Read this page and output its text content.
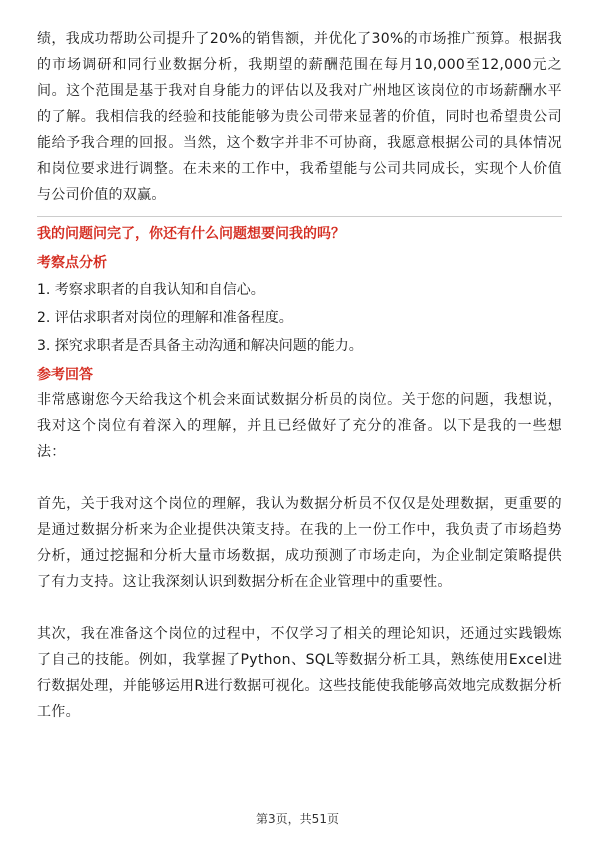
绩，我成功帮助公司提升了20%的销售额，并优化了30%的市场推广预算。根据我的市场调研和同行业数据分析，我期望的薪酬范围在每月10,000至12,000元之间。这个范围是基于我对自身能力的评估以及我对广州地区该岗位的市场薪酬水平的了解。我相信我的经验和技能能够为贵公司带来显著的价值，同时也希望贵公司能给予我合理的回报。当然，这个数字并非不可协商，我愿意根据公司的具体情况和岗位要求进行调整。在未来的工作中，我希望能与公司共同成长，实现个人价值与公司价值的双赢。

我的问题问完了，你还有什么问题想要问我的吗？

考察点分析

1. 考察求职者的自我认知和自信心。

2. 评估求职者对岗位的理解和准备程度。

3. 探究求职者是否具备主动沟通和解决问题的能力。

参考回答

非常感谢您今天给我这个机会来面试数据分析员的岗位。关于您的问题，我想说，我对这个岗位有着深入的理解，并且已经做好了充分的准备。以下是我的一些想法：

首先，关于我对这个岗位的理解，我认为数据分析员不仅仅是处理数据，更重要的是通过数据分析来为企业提供决策支持。在我的上一份工作中，我负责了市场趋势分析，通过挖掘和分析大量市场数据，成功预测了市场走向，为企业制定策略提供了有力支持。这让我深刻认识到数据分析在企业管理中的重要性。

其次，我在准备这个岗位的过程中，不仅学习了相关的理论知识，还通过实践锻炼了自己的技能。例如，我掌握了Python、SQL等数据分析工具，熟练使用Excel进行数据处理，并能够运用R进行数据可视化。这些技能使我能够高效地完成数据分析工作。

第3页，共51页
